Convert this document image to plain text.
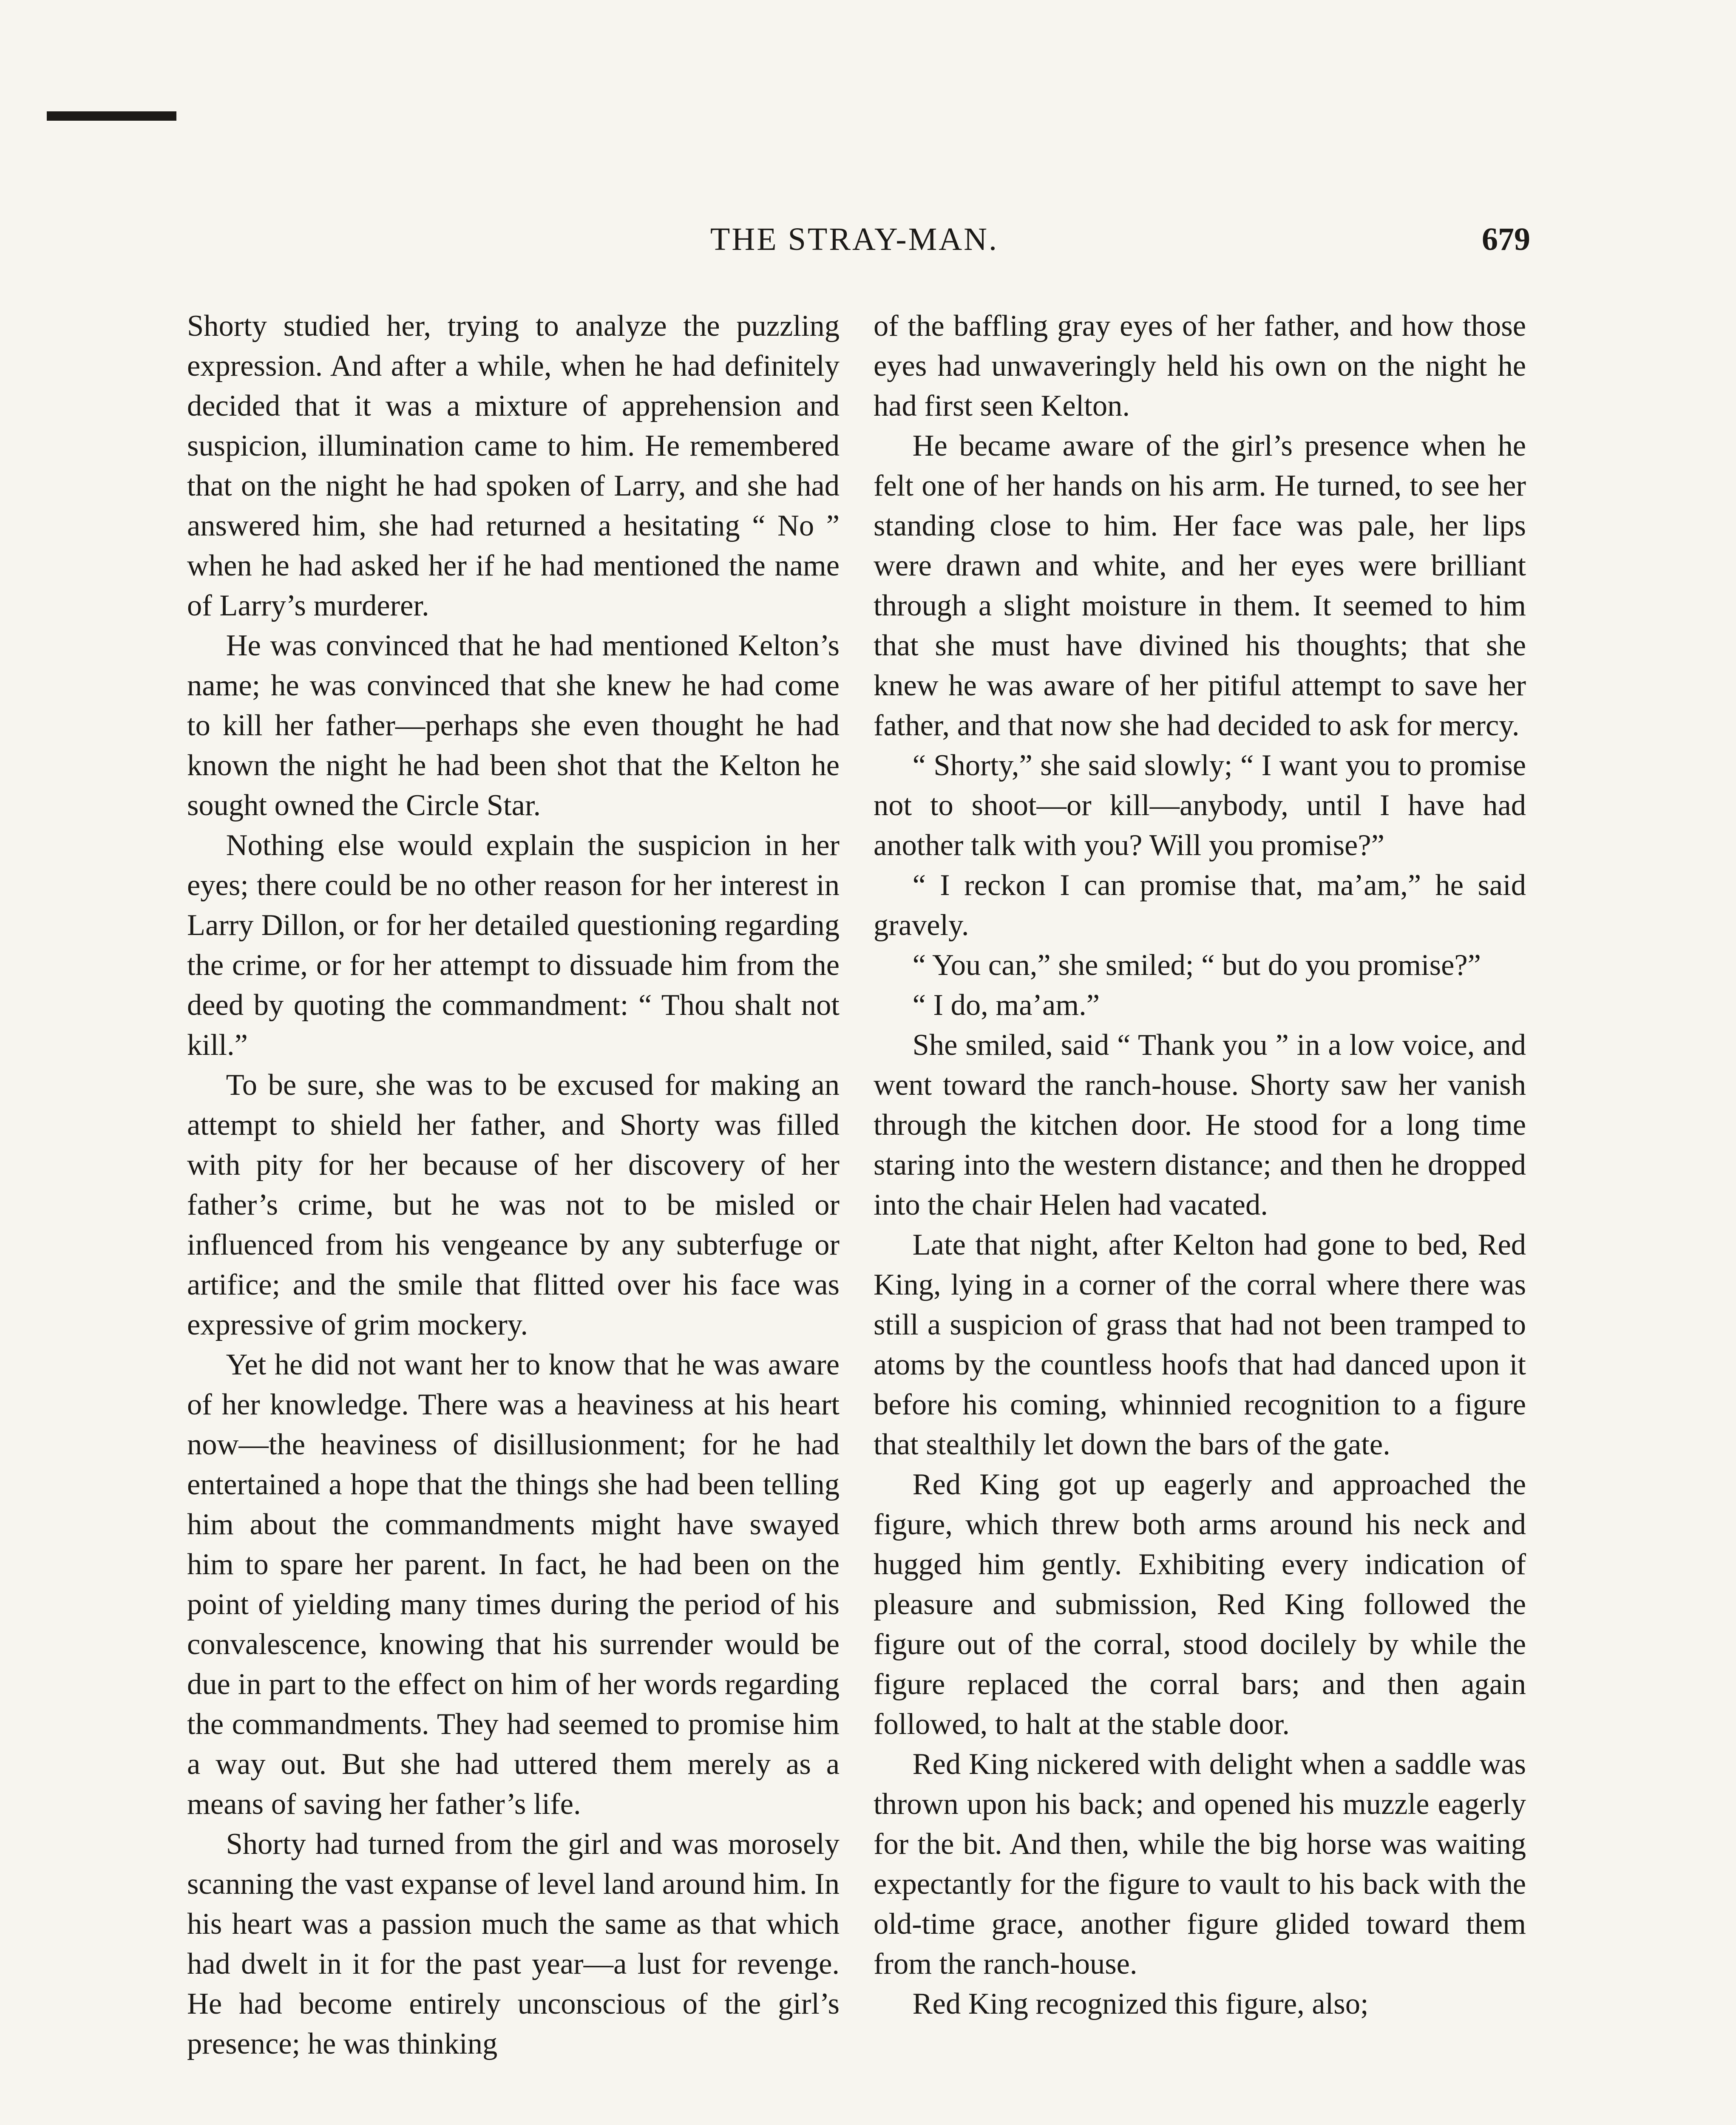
THE STRAY-MAN.	679

Shorty studied her, trying to analyze the puzzling expression. And after a while, when he had definitely decided that it was a mixture of apprehension and suspicion, illumination came to him. He remembered that on the night he had spoken of Larry, and she had answered him, she had returned a hesitating “ No ” when he had asked her if he had mentioned the name of Larry’s murderer.

He was convinced that he had mentioned Kelton’s name; he was convinced that she knew he had come to kill her father—perhaps she even thought he had known the night he had been shot that the Kelton he sought owned the Circle Star.

Nothing else would explain the suspicion in her eyes; there could be no other reason for her interest in Larry Dillon, or for her detailed questioning regarding the crime, or for her attempt to dissuade him from the deed by quoting the commandment: “ Thou shalt not kill.”

To be sure, she was to be excused for making an attempt to shield her father, and Shorty was filled with pity for her because of her discovery of her father’s crime, but he was not to be misled or influenced from his vengeance by any subterfuge or artifice; and the smile that flitted over his face was expressive of grim mockery.

Yet he did not want her to know that he was aware of her knowledge. There was a heaviness at his heart now—the heaviness of disillusionment; for he had entertained a hope that the things she had been telling him about the commandments might have swayed him to spare her parent. In fact, he had been on the point of yielding many times during the period of his convalescence, knowing that his surrender would be due in part to the effect on him of her words regarding the commandments. They had seemed to promise him a way out. But she had uttered them merely as a means of saving her father’s life.

Shorty had turned from the girl and was morosely scanning the vast expanse of level land around him. In his heart was a passion much the same as that which had dwelt in it for the past year—a lust for revenge. He had become entirely unconscious of the girl’s presence; he was thinking

of the baffling gray eyes of her father, and how those eyes had unwaveringly held his own on the night he had first seen Kelton.

He became aware of the girl’s presence when he felt one of her hands on his arm. He turned, to see her standing close to him. Her face was pale, her lips were drawn and white, and her eyes were brilliant through a slight moisture in them. It seemed to him that she must have divined his thoughts; that she knew he was aware of her pitiful attempt to save her father, and that now she had decided to ask for mercy.

“ Shorty,” she said slowly; “ I want you to promise not to shoot—or kill—anybody, until I have had another talk with you? Will you promise?”

“ I reckon I can promise that, ma’am,” he said gravely.

“ You can,” she smiled; “ but do you promise?”

“ I do, ma’am.”

She smiled, said “ Thank you ” in a low voice, and went toward the ranch-house. Shorty saw her vanish through the kitchen door. He stood for a long time staring into the western distance; and then he dropped into the chair Helen had vacated.

Late that night, after Kelton had gone to bed, Red King, lying in a corner of the corral where there was still a suspicion of grass that had not been tramped to atoms by the countless hoofs that had danced upon it before his coming, whinnied recognition to a figure that stealthily let down the bars of the gate.

Red King got up eagerly and approached the figure, which threw both arms around his neck and hugged him gently. Exhibiting every indication of pleasure and submission, Red King followed the figure out of the corral, stood docilely by while the figure replaced the corral bars; and then again followed, to halt at the stable door.

Red King nickered with delight when a saddle was thrown upon his back; and opened his muzzle eagerly for the bit. And then, while the big horse was waiting expectantly for the figure to vault to his back with the old-time grace, another figure glided toward them from the ranch-house.

Red King recognized this figure, also;
